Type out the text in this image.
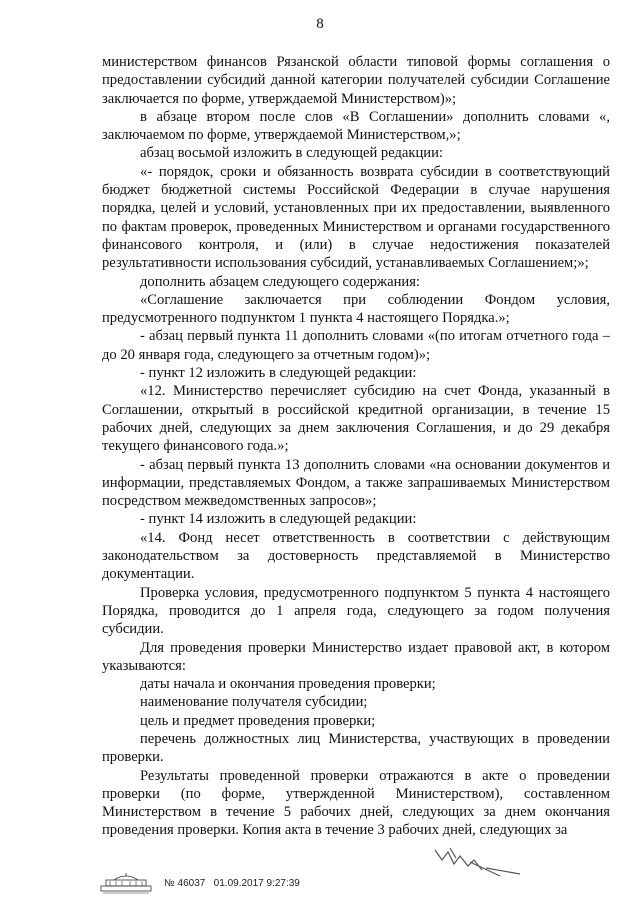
8

министерством финансов Рязанской области типовой формы соглашения о предоставлении субсидий данной категории получателей субсидии Соглашение заключается по форме, утверждаемой Министерством)»;

в абзаце втором после слов «В Соглашении» дополнить словами «, заключаемом по форме, утверждаемой Министерством,»;

абзац восьмой изложить в следующей редакции:

«- порядок, сроки и обязанность возврата субсидии в соответствующий бюджет бюджетной системы Российской Федерации в случае нарушения порядка, целей и условий, установленных при их предоставлении, выявленного по фактам проверок, проведенных Министерством и органами государственного финансового контроля, и (или) в случае недостижения показателей результативности использования субсидий, устанавливаемых Соглашением;»;

дополнить абзацем следующего содержания:

«Соглашение заключается при соблюдении Фондом условия, предусмотренного подпунктом 1 пункта 4 настоящего Порядка.»;

- абзац первый пункта 11 дополнить словами «(по итогам отчетного года – до 20 января года, следующего за отчетным годом)»;

- пункт 12 изложить в следующей редакции:

«12. Министерство перечисляет субсидию на счет Фонда, указанный в Соглашении, открытый в российской кредитной организации, в течение 15 рабочих дней, следующих за днем заключения Соглашения, и до 29 декабря текущего финансового года.»;

- абзац первый пункта 13 дополнить словами «на основании документов и информации, представляемых Фондом, а также запрашиваемых Министерством посредством межведомственных запросов»;

- пункт 14 изложить в следующей редакции:

«14. Фонд несет ответственность в соответствии с действующим законодательством за достоверность представляемой в Министерство документации.

Проверка условия, предусмотренного подпунктом 5 пункта 4 настоящего Порядка, проводится до 1 апреля года, следующего за годом получения субсидии.

Для проведения проверки Министерство издает правовой акт, в котором указываются:

даты начала и окончания проведения проверки;

наименование получателя субсидии;

цель и предмет проведения проверки;

перечень должностных лиц Министерства, участвующих в проведении проверки.

Результаты проведенной проверки отражаются в акте о проведении проверки (по форме, утвержденной Министерством), составленном Министерством в течение 5 рабочих дней, следующих за днем окончания проведения проверки. Копия акта в течение 3 рабочих дней, следующих за

№ 46037 01.09.2017 9:27:39
